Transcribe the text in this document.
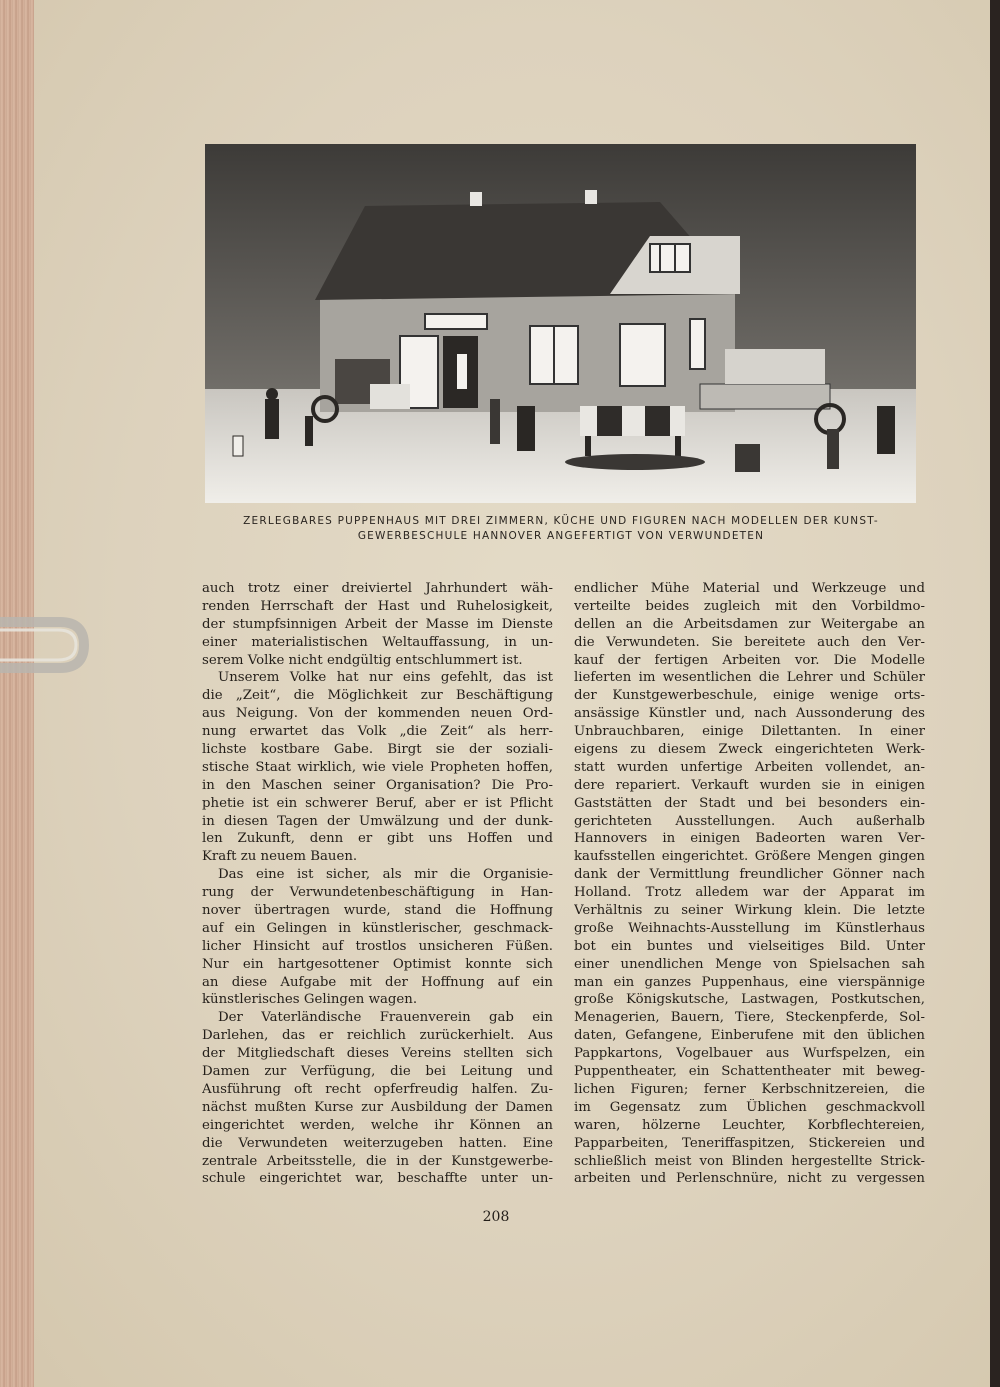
ZERLEGBARES PUPPENHAUS MIT DREI ZIMMERN, KÜCHE UND FIGUREN NACH MODELLEN DER KUNST-
GEWERBESCHULE HANNOVER ANGEFERTIGT VON VERWUNDETEN
auch trotz einer dreiviertel Jahrhundert wäh-
renden Herrschaft der Hast und Ruhelosigkeit,
der stumpfsinnigen Arbeit der Masse im Dienste
einer materialistischen Weltauffassung, in un-
serem Volke nicht endgültig entschlummert ist.
Unserem Volke hat nur eins gefehlt, das ist
die „Zeit“, die Möglichkeit zur Beschäftigung
aus Neigung. Von der kommenden neuen Ord-
nung erwartet das Volk „die Zeit“ als herr-
lichste kostbare Gabe. Birgt sie der soziali-
stische Staat wirklich, wie viele Propheten hoffen,
in den Maschen seiner Organisation? Die Pro-
phetie ist ein schwerer Beruf, aber er ist Pflicht
in diesen Tagen der Umwälzung und der dunk-
len Zukunft, denn er gibt uns Hoffen und
Kraft zu neuem Bauen.
Das eine ist sicher, als mir die Organisie-
rung der Verwundetenbeschäftigung in Han-
nover übertragen wurde, stand die Hoffnung
auf ein Gelingen in künstlerischer, geschmack-
licher Hinsicht auf trostlos unsicheren Füßen.
Nur ein hartgesottener Optimist konnte sich
an diese Aufgabe mit der Hoffnung auf ein
künstlerisches Gelingen wagen.
Der Vaterländische Frauenverein gab ein
Darlehen, das er reichlich zurückerhielt. Aus
der Mitgliedschaft dieses Vereins stellten sich
Damen zur Verfügung, die bei Leitung und
Ausführung oft recht opferfreudig halfen. Zu-
nächst mußten Kurse zur Ausbildung der Damen
eingerichtet werden, welche ihr Können an
die Verwundeten weiterzugeben hatten. Eine
zentrale Arbeitsstelle, die in der Kunstgewerbe-
schule eingerichtet war, beschaffte unter un-
endlicher Mühe Material und Werkzeuge und
verteilte beides zugleich mit den Vorbildmo-
dellen an die Arbeitsdamen zur Weitergabe an
die Verwundeten. Sie bereitete auch den Ver-
kauf der fertigen Arbeiten vor. Die Modelle
lieferten im wesentlichen die Lehrer und Schüler
der Kunstgewerbeschule, einige wenige orts-
ansässige Künstler und, nach Aussonderung des
Unbrauchbaren, einige Dilettanten. In einer
eigens zu diesem Zweck eingerichteten Werk-
statt wurden unfertige Arbeiten vollendet, an-
dere repariert. Verkauft wurden sie in einigen
Gaststätten der Stadt und bei besonders ein-
gerichteten Ausstellungen. Auch außerhalb
Hannovers in einigen Badeorten waren Ver-
kaufsstellen eingerichtet. Größere Mengen gingen
dank der Vermittlung freundlicher Gönner nach
Holland. Trotz alledem war der Apparat im
Verhältnis zu seiner Wirkung klein. Die letzte
große Weihnachts-Ausstellung im Künstlerhaus
bot ein buntes und vielseitiges Bild. Unter
einer unendlichen Menge von Spielsachen sah
man ein ganzes Puppenhaus, eine vierspännige
große Königskutsche, Lastwagen, Postkutschen,
Menagerien, Bauern, Tiere, Steckenpferde, Sol-
daten, Gefangene, Einberufene mit den üblichen
Pappkartons, Vogelbauer aus Wurfspelzen, ein
Puppentheater, ein Schattentheater mit beweg-
lichen Figuren; ferner Kerbschnitzereien, die
im Gegensatz zum Üblichen geschmackvoll
waren, hölzerne Leuchter, Korbflechtereien,
Papparbeiten, Teneriffaspitzen, Stickereien und
schließlich meist von Blinden hergestellte Strick-
arbeiten und Perlenschnüre, nicht zu vergessen
208
